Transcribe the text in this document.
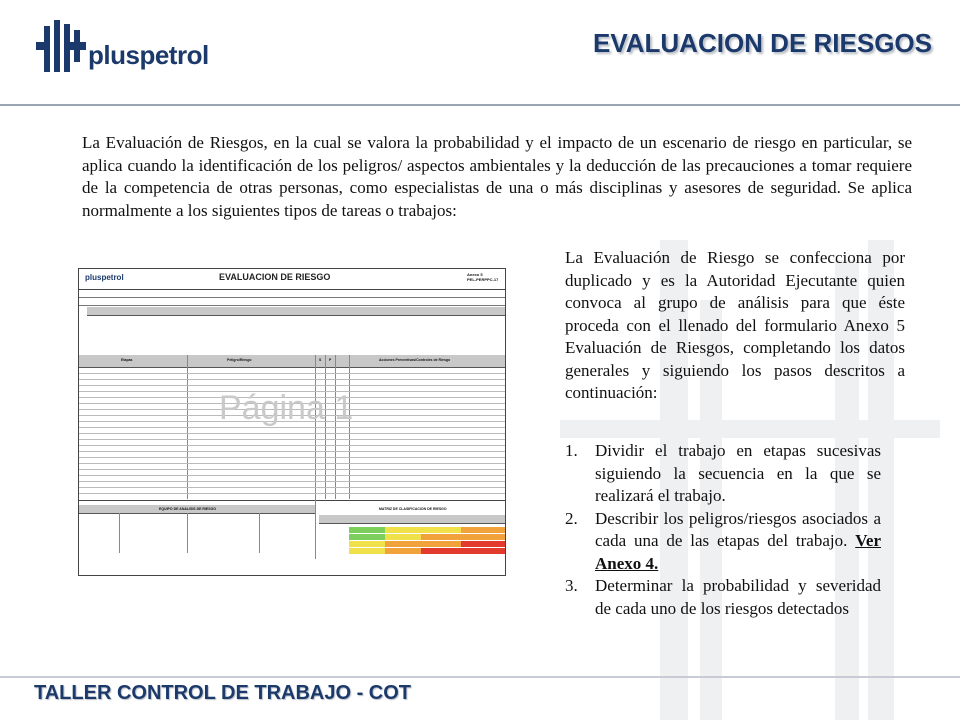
pluspetrol	EVALUACION DE RIESGOS

La Evaluación de Riesgos, en la cual se valora la probabilidad y el impacto de un escenario de riesgo en particular, se aplica cuando la identificación de los peligros/ aspectos ambientales y la deducción de las precauciones a tomar requiere de la competencia de otras personas, como especialistas de una o más disciplinas y asesores de seguridad. Se aplica normalmente a los siguientes tipos de tareas o trabajos:

pluspetrol	EVALUACION DE RIESGO	Anexo 5
PEL-PERPPC-17
Etapas	Peligro/Riesgo	S P	Acciones Preventivas/Controles de Riesgo
Página 1
EQUIPO DE ANALISIS DE RIESGO	MATRIZ DE CLASIFICACION DE RIESGO

La Evaluación de Riesgo se confecciona por duplicado y es la Autoridad Ejecutante quien convoca al grupo de análisis para que éste proceda con el llenado del formulario Anexo 5 Evaluación de Riesgos, completando los datos generales y siguiendo los pasos descritos a continuación:

1. Dividir el trabajo en etapas sucesivas siguiendo la secuencia en la que se realizará el trabajo.
2. Describir los peligros/riesgos asociados a cada una de las etapas del trabajo. Ver Anexo 4.
3. Determinar la probabilidad y severidad de cada uno de los riesgos detectados
TALLER CONTROL DE TRABAJO - COT
